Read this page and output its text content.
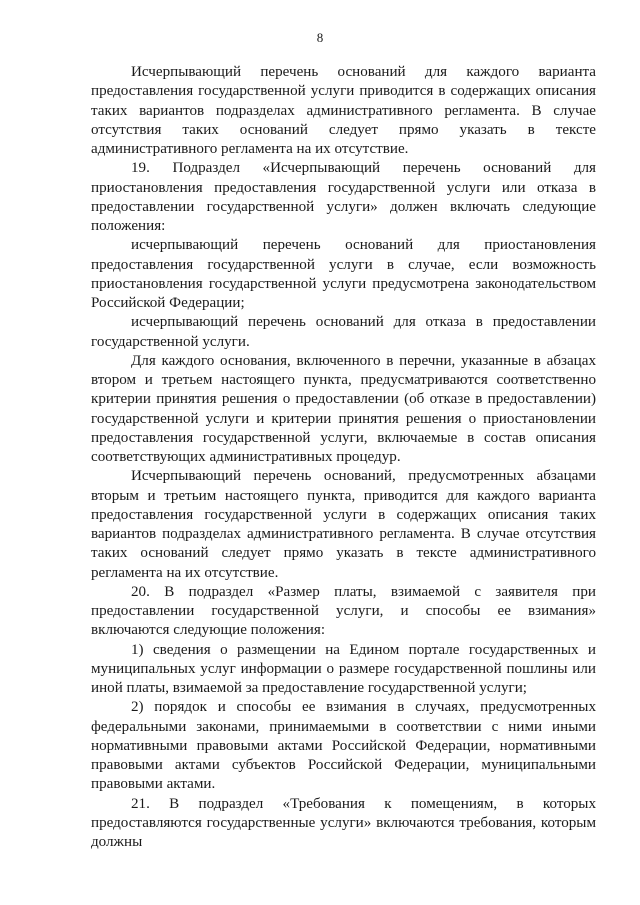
8

Исчерпывающий перечень оснований для каждого варианта предоставления государственной услуги приводится в содержащих описания таких вариантов подразделах административного регламента. В случае отсутствия таких оснований следует прямо указать в тексте административного регламента на их отсутствие.

19. Подраздел «Исчерпывающий перечень оснований для приостановления предоставления государственной услуги или отказа в предоставлении государственной услуги» должен включать следующие положения:

исчерпывающий перечень оснований для приостановления предоставления государственной услуги в случае, если возможность приостановления государственной услуги предусмотрена законодательством Российской Федерации;

исчерпывающий перечень оснований для отказа в предоставлении государственной услуги.

Для каждого основания, включенного в перечни, указанные в абзацах втором и третьем настоящего пункта, предусматриваются соответственно критерии принятия решения о предоставлении (об отказе в предоставлении) государственной услуги и критерии принятия решения о приостановлении предоставления государственной услуги, включаемые в состав описания соответствующих административных процедур.

Исчерпывающий перечень оснований, предусмотренных абзацами вторым и третьим настоящего пункта, приводится для каждого варианта предоставления государственной услуги в содержащих описания таких вариантов подразделах административного регламента. В случае отсутствия таких оснований следует прямо указать в тексте административного регламента на их отсутствие.

20. В подраздел «Размер платы, взимаемой с заявителя при предоставлении государственной услуги, и способы ее взимания» включаются следующие положения:

1) сведения о размещении на Едином портале государственных и муниципальных услуг информации о размере государственной пошлины или иной платы, взимаемой за предоставление государственной услуги;

2) порядок и способы ее взимания в случаях, предусмотренных федеральными законами, принимаемыми в соответствии с ними иными нормативными правовыми актами Российской Федерации, нормативными правовыми актами субъектов Российской Федерации, муниципальными правовыми актами.

21. В подраздел «Требования к помещениям, в которых предоставляются государственные услуги» включаются требования, которым должны
